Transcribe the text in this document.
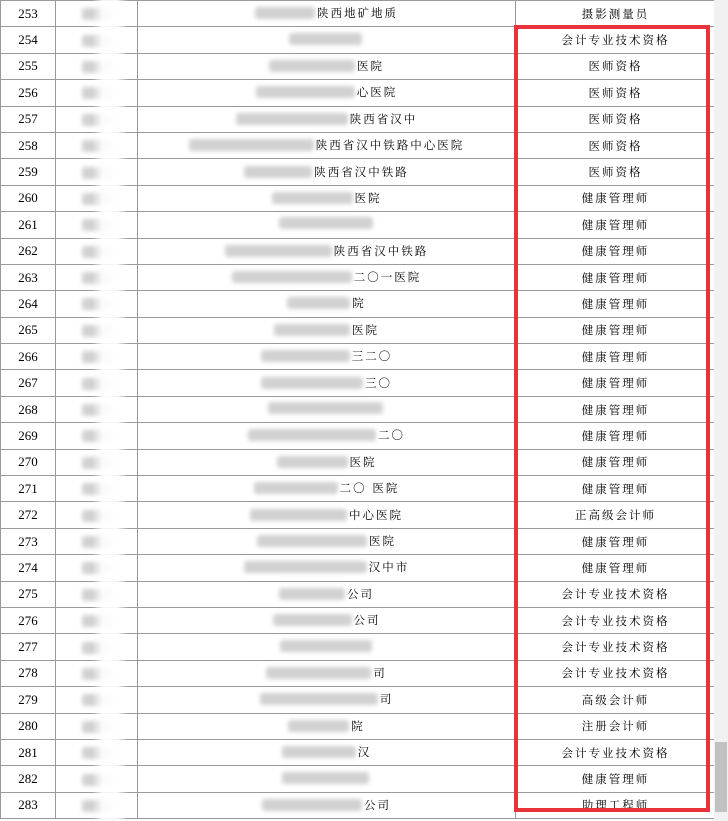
253		陕西地矿地质	摄影测量员
254			会计专业技术资格
255		医院	医师资格
256		心医院	医师资格
257		陕西省汉中	医师资格
258		陕西省汉中铁路中心医院	医师资格
259		陕西省汉中铁路	医师资格
260		医院	健康管理师
261			健康管理师
262		陕西省汉中铁路	健康管理师
263		二〇一医院	健康管理师
264		院	健康管理师
265		医院	健康管理师
266		三二〇	健康管理师
267		三〇	健康管理师
268			健康管理师
269		二〇	健康管理师
270		医院	健康管理师
271		二〇 医院	健康管理师
272		中心医院	正高级会计师
273		医院	健康管理师
274		汉中市	健康管理师
275		公司	会计专业技术资格
276		公司	会计专业技术资格
277			会计专业技术资格
278		司	会计专业技术资格
279		司	高级会计师
280		院	注册会计师
281		汉	会计专业技术资格
282			健康管理师
283		公司	助理工程师
